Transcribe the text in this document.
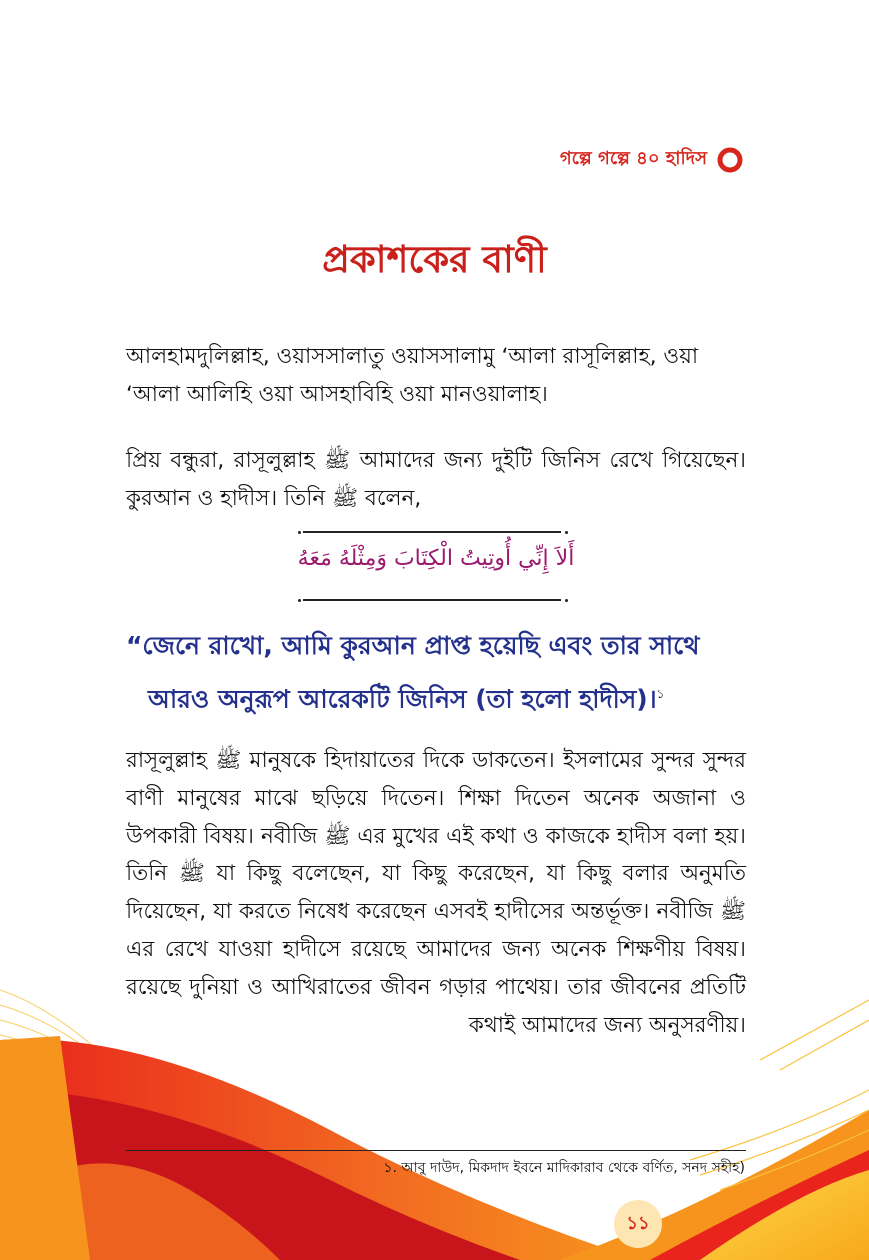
গল্পে গল্পে ৪০ হাদিস
প্রকাশকের বাণী
আলহামদুলিল্লাহ, ওয়াসসালাতু ওয়াসসালামু ‘আলা রাসূলিল্লাহ, ওয়া ‘আলা আলিহি ওয়া আসহাবিহি ওয়া মানওয়ালাহ।
প্রিয় বন্ধুরা, রাসূলুল্লাহ ﷺ আমাদের জন্য দুইটি জিনিস রেখে গিয়েছেন। কুরআন ও হাদীস। তিনি ﷺ বলেন,
أَلاَ إِنِّي أُوتِيتُ الْكِتَابَ وَمِثْلَهُ مَعَهُ
“জেনে রাখো, আমি কুরআন প্রাপ্ত হয়েছি এবং তার সাথে
আরও অনুরূপ আরেকটি জিনিস (তা হলো হাদীস)।$^১$
রাসূলুল্লাহ ﷺ মানুষকে হিদায়াতের দিকে ডাকতেন। ইসলামের সুন্দর সুন্দর বাণী মানুষের মাঝে ছড়িয়ে দিতেন। শিক্ষা দিতেন অনেক অজানা ও উপকারী বিষয়। নবীজি ﷺ এর মুখের এই কথা ও কাজকে হাদীস বলা হয়। তিনি ﷺ যা কিছু বলেছেন, যা কিছু করেছেন, যা কিছু বলার অনুমতি দিয়েছেন, যা করতে নিষেধ করেছেন এসবই হাদীসের অন্তর্ভূক্ত। নবীজি ﷺ এর রেখে যাওয়া হাদীসে রয়েছে আমাদের জন্য অনেক শিক্ষণীয় বিষয়। রয়েছে দুনিয়া ও আখিরাতের জীবন গড়ার পাথেয়। তার জীবনের প্রতিটি কথাই আমাদের জন্য অনুসরণীয়।
১. আবু দাউদ, মিকদাদ ইবনে মাদিকারাব থেকে বর্ণিত, সনদ সহীহ)
১১
